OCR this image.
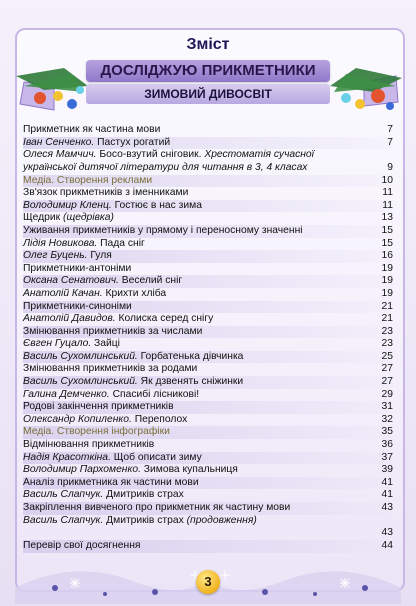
Зміст
ДОСЛІДЖУЮ ПРИКМЕТНИКИ
ЗИМОВИЙ ДИВОСВІТ
Прикметник як частина мови	7
Іван Сенченко. Пастух рогатий	7
Олеся Мамчич. Босо-взутий сніговик. Хрестоматія сучасної української дитячої літератури для читання в 3, 4 класах	9
Медіа. Створення реклами	10
Зв'язок прикметників з іменниками	11
Володимир Кленц. Гостює в нас зима	11
Щедрик (щедрівка)	13
Уживання прикметників у прямому і переносному значенні	15
Лідія Новикова. Пада сніг	15
Олег Буцень. Гуля	16
Прикметники-антоніми	19
Оксана Сенатович. Веселий сніг	19
Анатолій Качан. Крихти хліба	19
Прикметники-синоніми	21
Анатолій Давидов. Колиска серед снігу	21
Змінювання прикметників за числами	23
Євген Гуцало. Зайці	23
Василь Сухомлинський. Горбатенька дівчинка	25
Змінювання прикметників за родами	27
Василь Сухомлинський. Як дзвенять сніжинки	27
Галина Демченко. Спасибі лісникові!	29
Родові закінчення прикметників	31
Олександр Копиленко. Переполох	32
Медіа. Створення інфографіки	35
Відмінювання прикметників	36
Надія Красоткіна. Щоб описати зиму	37
Володимир Пархоменко. Зимова купальниця	39
Аналіз прикметника як частини мови	41
Василь Слапчук. Дмитриків страх	41
Закріплення вивченого про прикметник як частину мови	43
Василь Слапчук. Дмитриків страх (продовження)
43
Перевір свої досягнення	44
3
